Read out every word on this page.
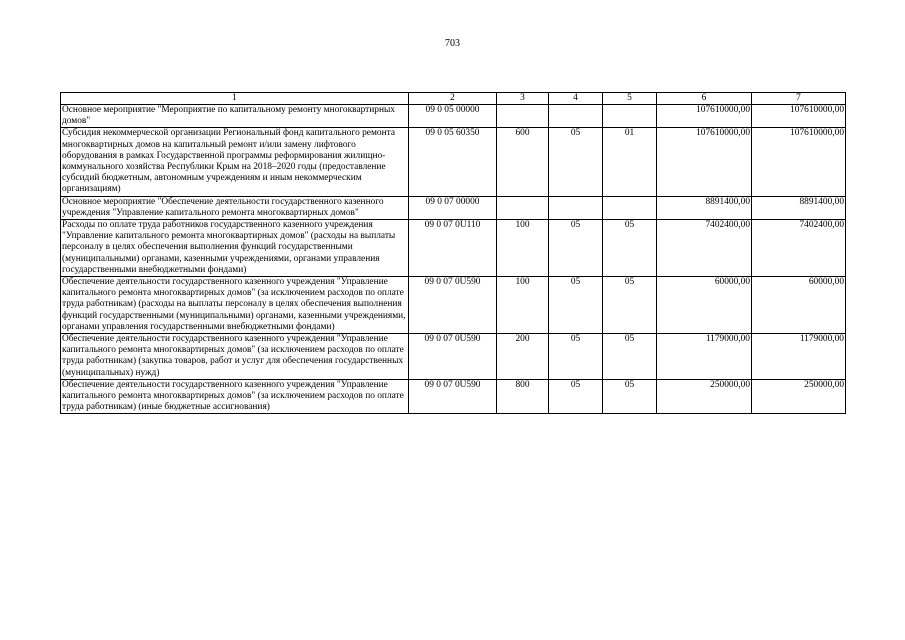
703
1	2	3	4	5	6	7
Основное мероприятие "Мероприятие по капитальному ремонту многоквартирных домов"	09 0 05 00000				107610000,00	107610000,00
Субсидия некоммерческой организации Региональный фонд капитального ремонта многоквартирных домов на капитальный ремонт и/или замену лифтового оборудования в рамках Государственной программы реформирования жилищно-коммунального хозяйства Республики Крым на 2018–2020 годы (предоставление субсидий бюджетным, автономным учреждениям и иным некоммерческим организациям)	09 0 05 60350	600	05	01	107610000,00	107610000,00
Основное мероприятие "Обеспечение деятельности государственного казенного учреждения "Управление капитального ремонта многоквартирных домов"	09 0 07 00000				8891400,00	8891400,00
Расходы по оплате труда работников государственного казенного учреждения "Управление капитального ремонта многоквартирных домов" (расходы на выплаты персоналу в целях обеспечения выполнения функций государственными (муниципальными) органами, казенными учреждениями, органами управления государственными внебюджетными фондами)	09 0 07 0U110	100	05	05	7402400,00	7402400,00
Обеспечение деятельности государственного казенного учреждения "Управление капитального ремонта многоквартирных домов" (за исключением расходов по оплате труда работникам) (расходы на выплаты персоналу в целях обеспечения выполнения функций государственными (муниципальными) органами, казенными учреждениями, органами управления государственными внебюджетными фондами)	09 0 07 0U590	100	05	05	60000,00	60000,00
Обеспечение деятельности государственного казенного учреждения "Управление капитального ремонта многоквартирных домов" (за исключением расходов по оплате труда работникам) (закупка товаров, работ и услуг для обеспечения государственных (муниципальных) нужд)	09 0 07 0U590	200	05	05	1179000,00	1179000,00
Обеспечение деятельности государственного казенного учреждения "Управление капитального ремонта многоквартирных домов" (за исключением расходов по оплате труда работникам) (иные бюджетные ассигнования)	09 0 07 0U590	800	05	05	250000,00	250000,00
